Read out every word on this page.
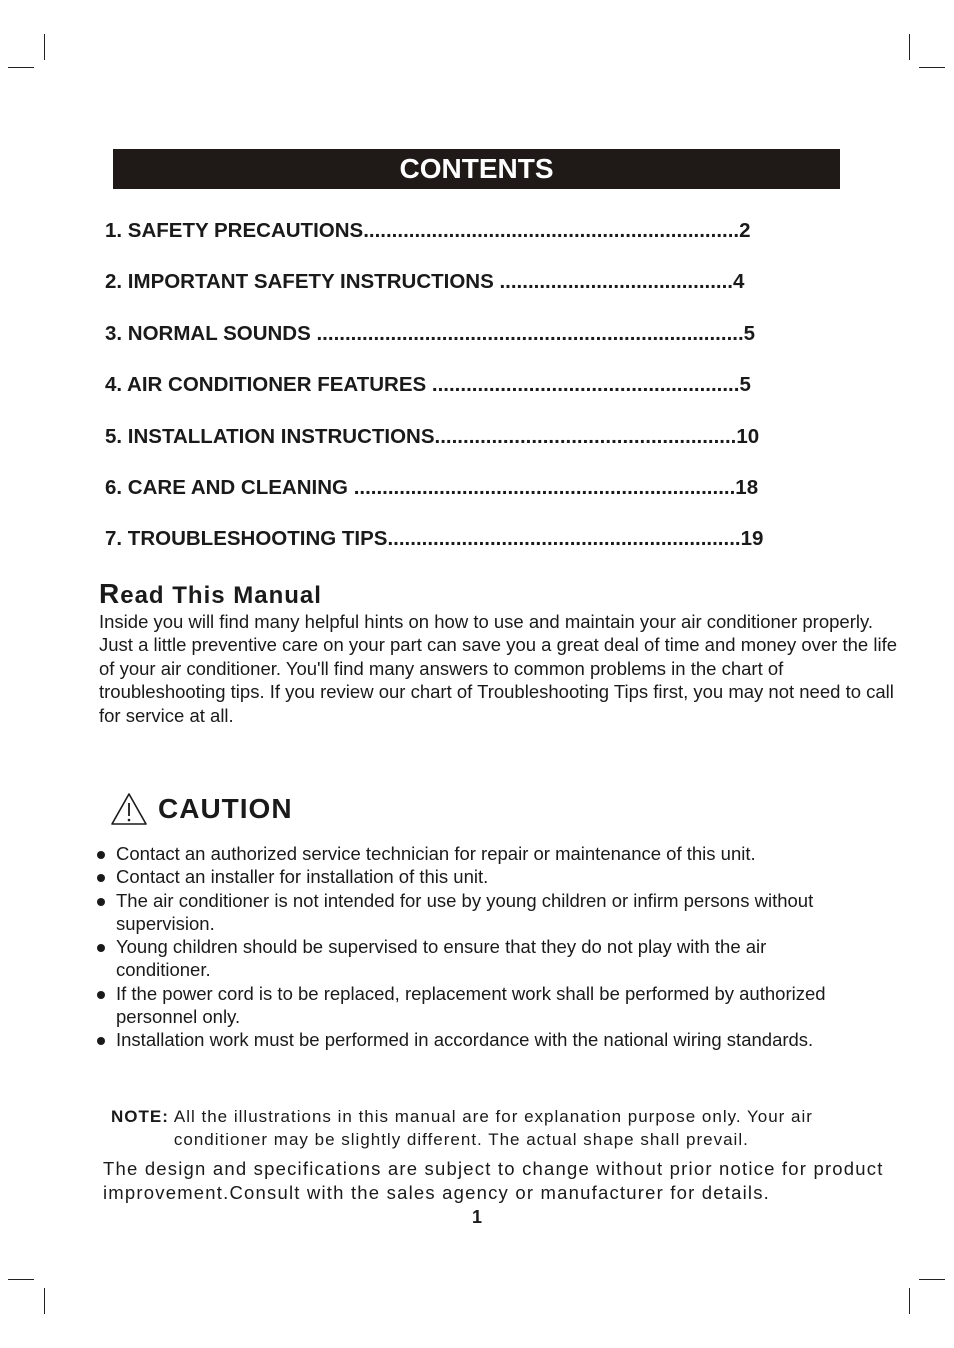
CONTENTS
1. SAFETY PRECAUTIONS .................................................................. 2
2. IMPORTANT SAFETY INSTRUCTIONS ......................................... 4
3. NORMAL SOUNDS ........................................................................... 5
4. AIR CONDITIONER FEATURES ...................................................... 5
5. INSTALLATION INSTRUCTIONS ..................................................... 10
6. CARE AND CLEANING ................................................................... 18
7. TROUBLESHOOTING TIPS .............................................................. 19
Read This Manual

Inside you will find many helpful hints on how to use and maintain your air conditioner properly. Just a little preventive care on your part can save you a great deal of time and money over the life of your air conditioner. You'll find many answers to common problems in the chart of troubleshooting tips. If you review our chart of Troubleshooting Tips first, you may not need to call for service at all.

CAUTION
Contact an authorized service technician for repair or maintenance of this unit.
Contact an installer for installation of this unit.
The air conditioner is not intended for use by young children or infirm persons without supervision.
Young children should be supervised to ensure that they do not play with the air conditioner.
If the power cord is to be replaced, replacement work shall be performed by authorized personnel only.
Installation work must be performed in accordance with the national wiring standards.
NOTE: All the illustrations in this manual are for explanation purpose only. Your air conditioner may be slightly different. The actual shape shall prevail.

The design and specifications are subject to change without prior notice for product improvement.Consult with the sales agency or manufacturer for details.

1
